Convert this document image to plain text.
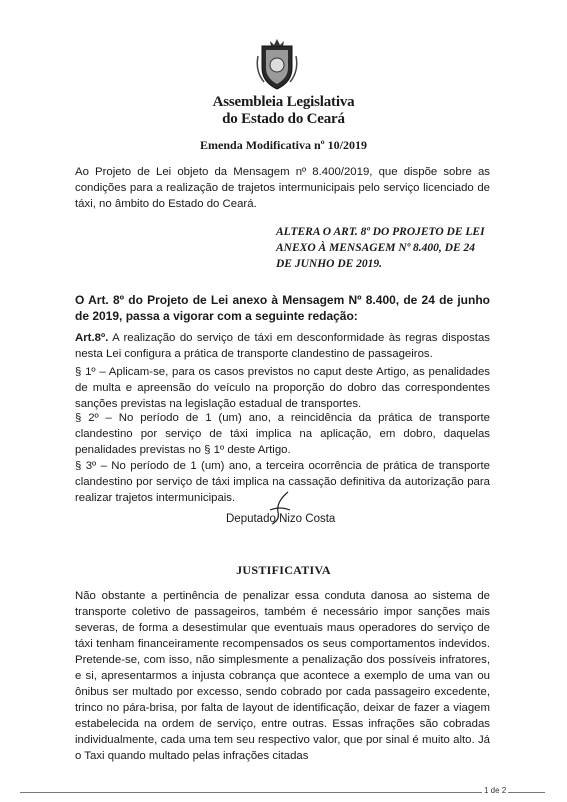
Assembleia Legislativa
do Estado do Ceará
Emenda Modificativa nº 10/2019

Ao Projeto de Lei objeto da Mensagem nº 8.400/2019, que dispõe sobre as condições para a realização de trajetos intermunicipais pelo serviço licenciado de táxi, no âmbito do Estado do Ceará.

ALTERA O ART. 8º DO PROJETO DE LEI ANEXO À MENSAGEM Nº 8.400, DE 24 DE JUNHO DE 2019.
O Art. 8º do Projeto de Lei anexo à Mensagem Nº 8.400, de 24 de junho de 2019, passa a vigorar com a seguinte redação:

Art.8º. A realização do serviço de táxi em desconformidade às regras dispostas nesta Lei configura a prática de transporte clandestino de passageiros.

§ 1º – Aplicam-se, para os casos previstos no caput deste Artigo, as penalidades de multa e apreensão do veículo na proporção do dobro das correspondentes sanções previstas na legislação estadual de transportes.
§ 2º – No período de 1 (um) ano, a reincidência da prática de transporte clandestino por serviço de táxi implica na aplicação, em dobro, daquelas penalidades previstas no § 1º deste Artigo.
§ 3º – No período de 1 (um) ano, a terceira ocorrência de prática de transporte clandestino por serviço de táxi implica na cassação definitiva da autorização para realizar trajetos intermunicipais.
Deputado Nizo Costa
JUSTIFICATIVA
Não obstante a pertinência de penalizar essa conduta danosa ao sistema de transporte coletivo de passageiros, também é necessário impor sanções mais severas, de forma a desestimular que eventuais maus operadores do serviço de táxi tenham financeiramente recompensados os seus comportamentos indevidos. Pretende-se, com isso, não simplesmente a penalização dos possíveis infratores, e si, apresentarmos a injusta cobrança que acontece a exemplo de uma van ou ônibus ser multado por excesso, sendo cobrado por cada passageiro excedente, trinco no pára-brisa, por falta de layout de identificação, deixar de fazer a viagem estabelecida na ordem de serviço, entre outras. Essas infrações são cobradas individualmente, cada uma tem seu respectivo valor, que por sinal é muito alto. Já o Taxi quando multado pelas infrações citadas
1 de 2
